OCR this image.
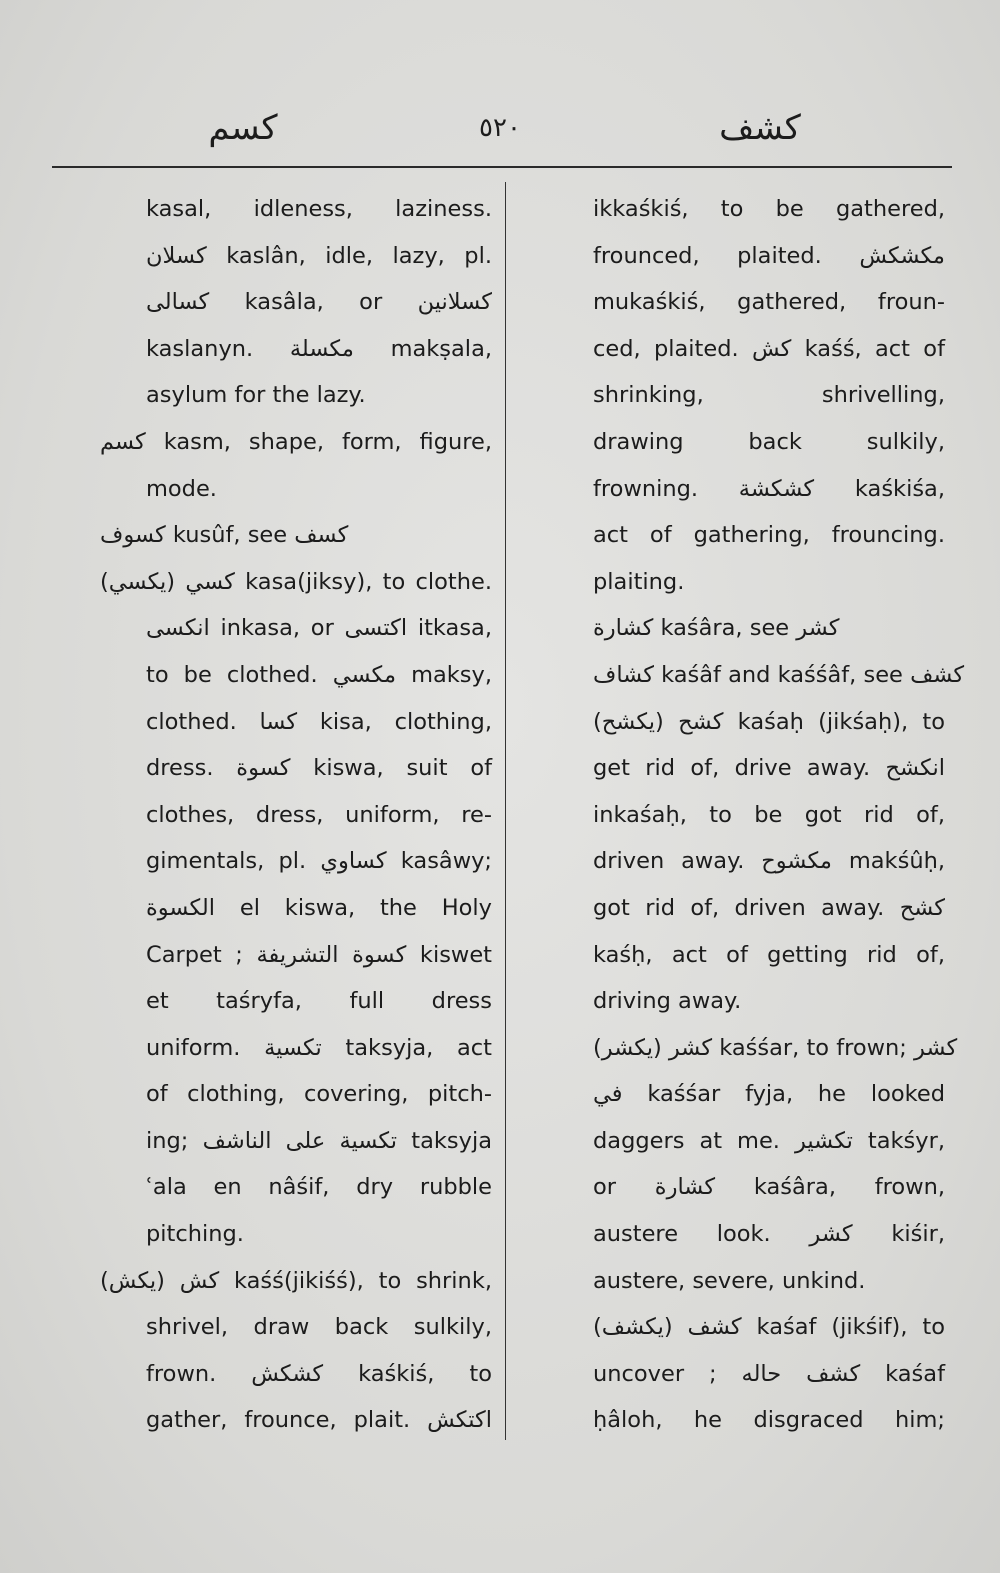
كسم	٥٢٠	كشف
kasal, idleness, laziness.
كسلان kaslân, idle, lazy, pl.
كسالى kasâla, or كسلانين
kaslanyn. مكسلة makṣala,
asylum for the lazy.
كسم kasm, shape, form, figure,
mode.
كسوف kusûf, see كسف
كسي (يكسي) kasa(jiksy), to clothe.
انكسى inkasa, or اكتسى itkasa,
to be clothed. مكسي maksy,
clothed. كسا kisa, clothing,
dress. كسوة kiswa, suit of
clothes, dress, uniform, re-
gimentals, pl. كساوي kasâwy;
الكسوة el kiswa, the Holy
Carpet ; كسوة التشريفة kiswet
et taśryfa, full dress
uniform. تكسية taksyja, act
of clothing, covering, pitch-
ing; تكسية على الناشف taksyja
ʿala en nâśif, dry rubble
pitching.
كش (يكش) kaśś(jikiśś), to shrink,
shrivel, draw back sulkily,
frown. كشكش kaśkiś, to
gather, frounce, plait. اكتكش
ikkaśkiś, to be gathered,
frounced, plaited. مكشكش
mukaśkiś, gathered, froun-
ced, plaited. كش kaśś, act of
shrinking, shrivelling,
drawing back sulkily,
frowning. كشكشة kaśkiśa,
act of gathering, frouncing.
plaiting.
كشارة kaśâra, see كشر
كشاف kaśâf and kaśśâf, see كشف
كشح (يكشح) kaśaḥ (jikśaḥ), to
get rid of, drive away. انكشح
inkaśaḥ, to be got rid of,
driven away. مكشوح makśûḥ,
got rid of, driven away. كشح
kaśḥ, act of getting rid of,
driving away.
كشر (يكشر) kaśśar, to frown; كشر
في kaśśar fyja, he looked
daggers at me. تكشير takśyr,
or كشارة kaśâra, frown,
austere look. كشر kiśir,
austere, severe, unkind.
كشف (يكشف) kaśaf (jikśif), to
uncover ; كشف حاله kaśaf
ḥâloh, he disgraced him;
